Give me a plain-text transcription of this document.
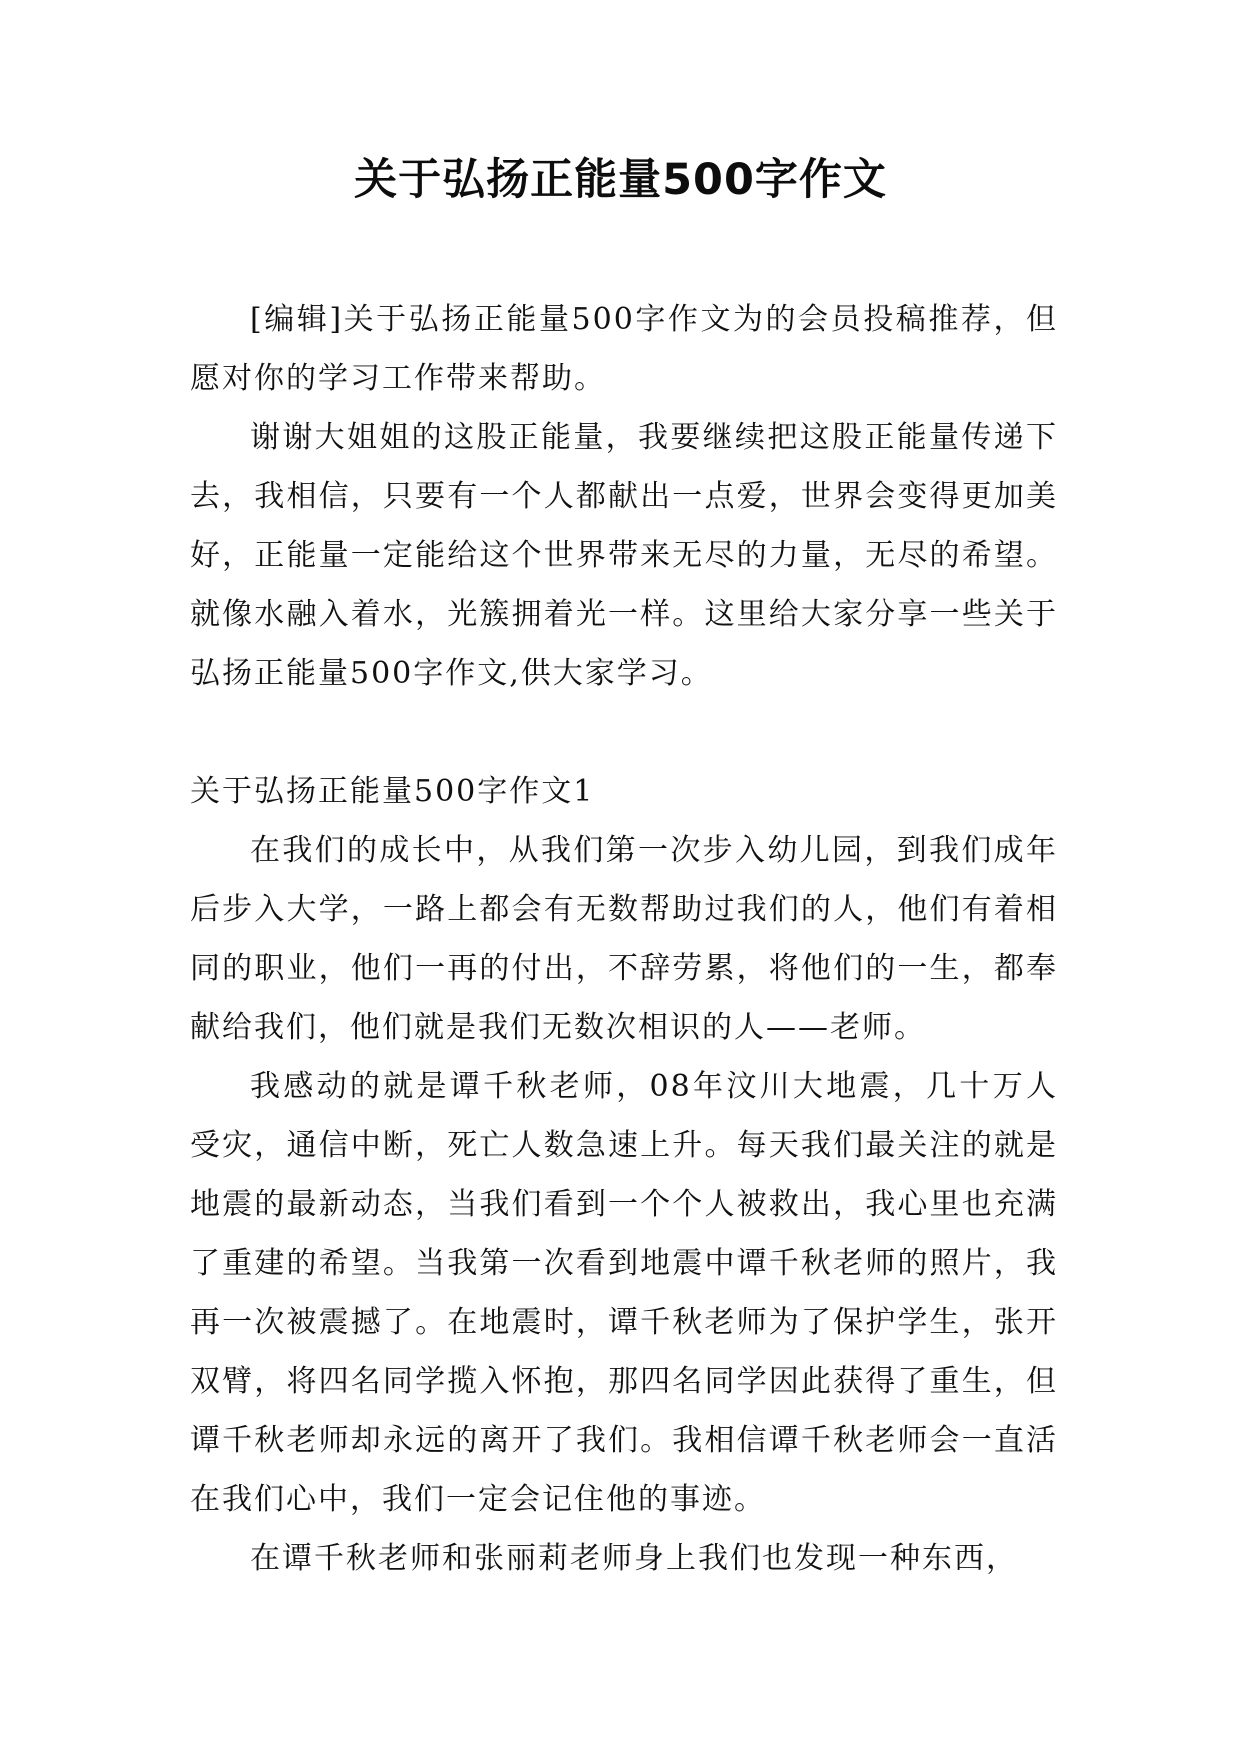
关于弘扬正能量500字作文

[编辑]关于弘扬正能量500字作文为的会员投稿推荐，但愿对你的学习工作带来帮助。

谢谢大姐姐的这股正能量，我要继续把这股正能量传递下去，我相信，只要有一个人都献出一点爱，世界会变得更加美好，正能量一定能给这个世界带来无尽的力量，无尽的希望。就像水融入着水，光簇拥着光一样。这里给大家分享一些关于弘扬正能量500字作文,供大家学习。

关于弘扬正能量500字作文1

在我们的成长中，从我们第一次步入幼儿园，到我们成年后步入大学，一路上都会有无数帮助过我们的人，他们有着相同的职业，他们一再的付出，不辞劳累，将他们的一生，都奉献给我们，他们就是我们无数次相识的人——老师。

我感动的就是谭千秋老师，08年汶川大地震，几十万人受灾，通信中断，死亡人数急速上升。每天我们最关注的就是地震的最新动态，当我们看到一个个人被救出，我心里也充满了重建的希望。当我第一次看到地震中谭千秋老师的照片，我再一次被震撼了。在地震时，谭千秋老师为了保护学生，张开双臂，将四名同学揽入怀抱，那四名同学因此获得了重生，但谭千秋老师却永远的离开了我们。我相信谭千秋老师会一直活在我们心中，我们一定会记住他的事迹。

在谭千秋老师和张丽莉老师身上我们也发现一种东西，
